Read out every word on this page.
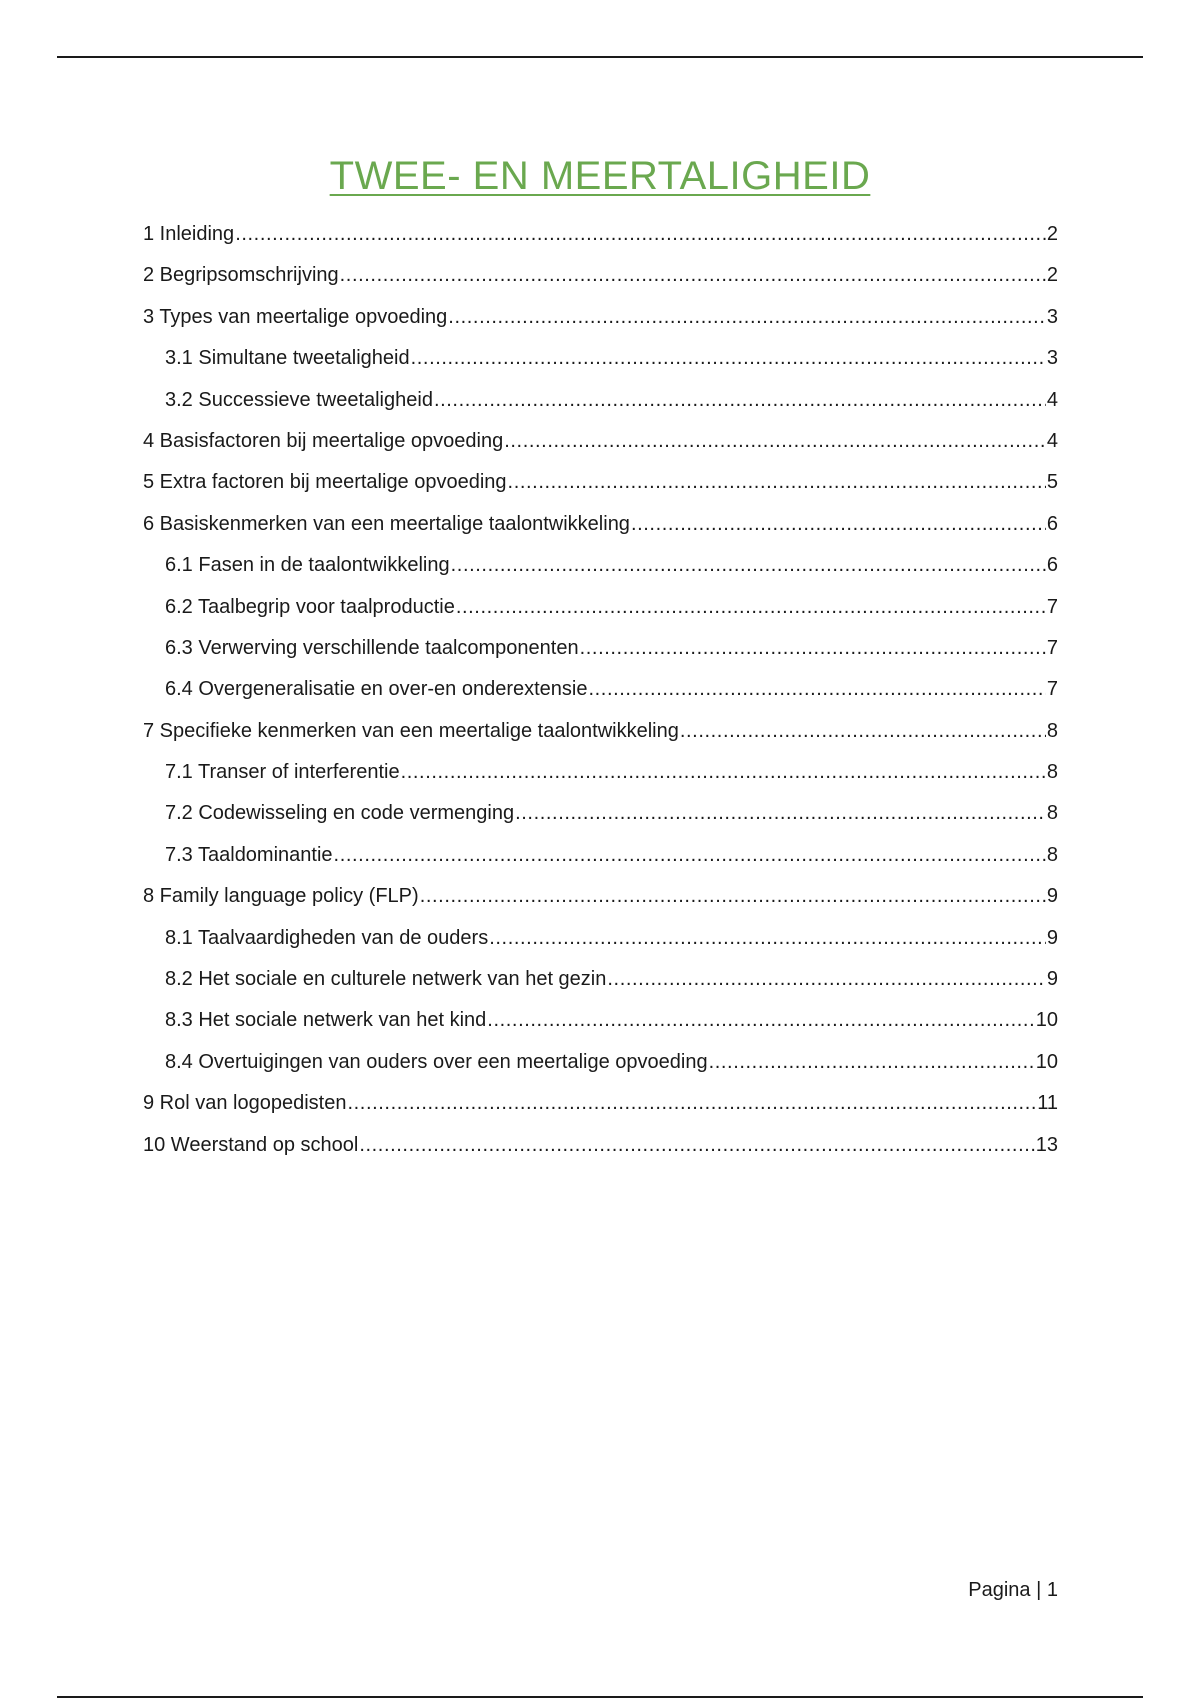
TWEE- EN MEERTALIGHEID
1 Inleiding .....	2
2 Begripsomschrijving .....	2
3 Types van meertalige opvoeding .....	3
3.1 Simultane tweetaligheid .....	3
3.2 Successieve tweetaligheid .....	4
4 Basisfactoren bij meertalige opvoeding .....	4
5 Extra factoren bij meertalige opvoeding .....	5
6 Basiskenmerken van een meertalige taalontwikkeling .....	6
6.1 Fasen in de taalontwikkeling .....	6
6.2 Taalbegrip voor taalproductie .....	7
6.3 Verwerving verschillende taalcomponenten .....	7
6.4 Overgeneralisatie en over-en onderextensie .....	7
7 Specifieke kenmerken van een meertalige taalontwikkeling .....	8
7.1 Transer of interferentie .....	8
7.2 Codewisseling en code vermenging .....	8
7.3 Taaldominantie .....	8
8 Family language policy (FLP) .....	9
8.1 Taalvaardigheden van de ouders .....	9
8.2 Het sociale en culturele netwerk van het gezin .....	9
8.3 Het sociale netwerk van het kind .....	10
8.4 Overtuigingen van ouders over een meertalige opvoeding .....	10
9 Rol van logopedisten .....	11
10 Weerstand op school .....	13
Pagina | 1
